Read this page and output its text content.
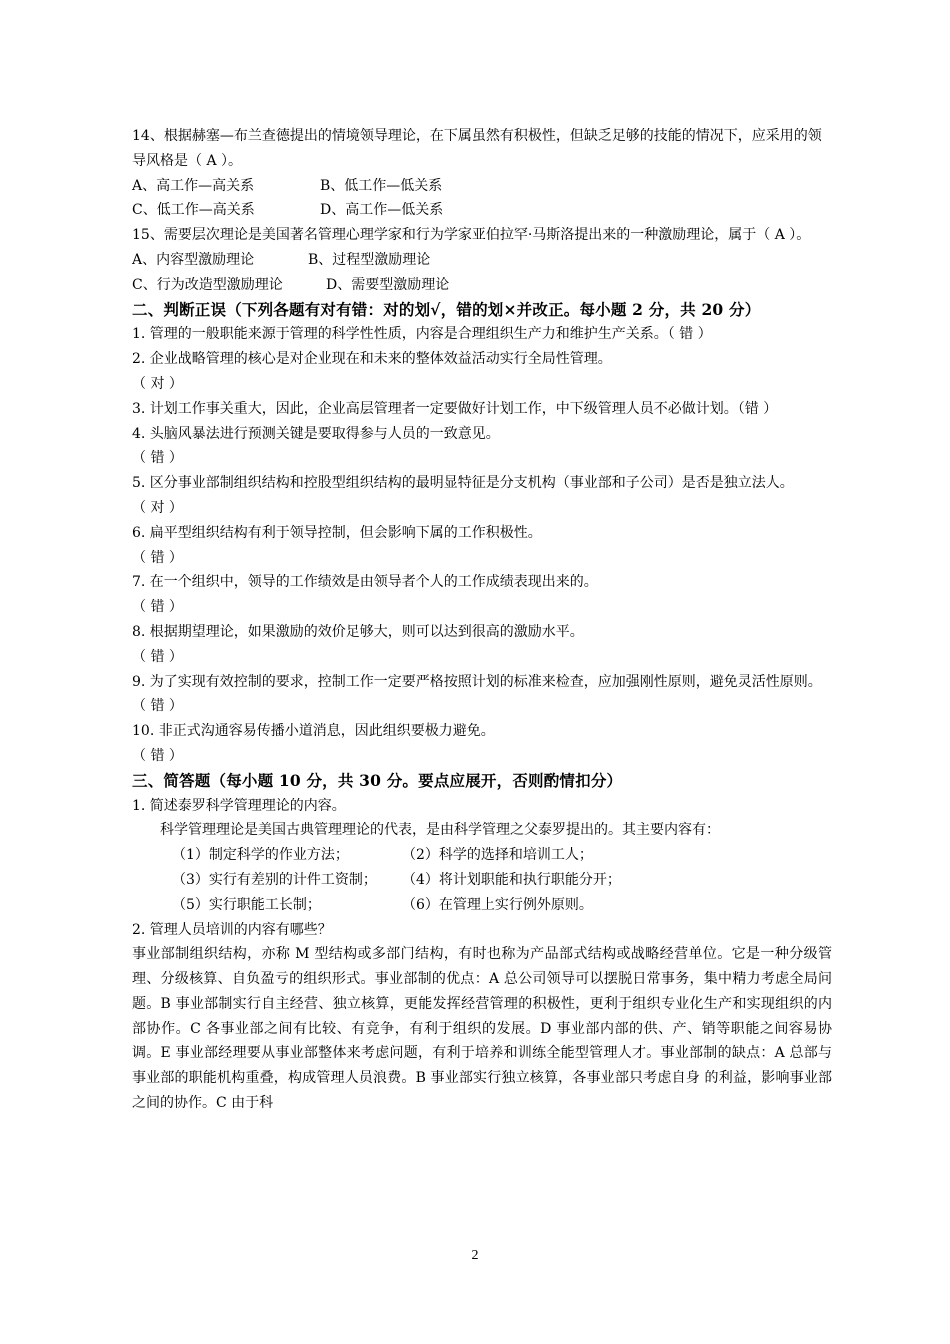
14、根据赫塞—布兰查德提出的情境领导理论，在下属虽然有积极性，但缺乏足够的技能的情况下，应采用的领导风格是（ A ）。
A、高工作—高关系	B、低工作—低关系
C、低工作—高关系	D、高工作—低关系
15、需要层次理论是美国著名管理心理学家和行为学家亚伯拉罕·马斯洛提出来的一种激励理论，属于（ A ）。
A、内容型激励理论	B、过程型激励理论
C、行为改造型激励理论	D、需要型激励理论
二、判断正误（下列各题有对有错：对的划√，错的划×并改正。每小题 2 分，共 20 分）
1. 管理的一般职能来源于管理的科学性性质，内容是合理组织生产力和维护生产关系。（ 错 ）
2. 企业战略管理的核心是对企业现在和未来的整体效益活动实行全局性管理。
（ 对 ）
3. 计划工作事关重大，因此，企业高层管理者一定要做好计划工作，中下级管理人员不必做计划。（错 ）
4. 头脑风暴法进行预测关键是要取得参与人员的一致意见。
（ 错 ）
5. 区分事业部制组织结构和控股型组织结构的最明显特征是分支机构（事业部和子公司）是否是独立法人。
（ 对 ）
6. 扁平型组织结构有利于领导控制，但会影响下属的工作积极性。
（ 错 ）
7. 在一个组织中，领导的工作绩效是由领导者个人的工作成绩表现出来的。
（ 错 ）
8. 根据期望理论，如果激励的效价足够大，则可以达到很高的激励水平。
（ 错 ）
9. 为了实现有效控制的要求，控制工作一定要严格按照计划的标准来检查，应加强刚性原则，避免灵活性原则。
（ 错 ）
10. 非正式沟通容易传播小道消息，因此组织要极力避免。
（ 错 ）
三、简答题（每小题 10 分，共 30 分。要点应展开，否则酌情扣分）
1. 简述泰罗科学管理理论的内容。
科学管理理论是美国古典管理理论的代表，是由科学管理之父泰罗提出的。其主要内容有：
（1）制定科学的作业方法；	（2）科学的选择和培训工人；
（3）实行有差别的计件工资制； （4）将计划职能和执行职能分开；
（5）实行职能工长制；	（6）在管理上实行例外原则。
2. 管理人员培训的内容有哪些？
事业部制组织结构，亦称 M 型结构或多部门结构，有时也称为产品部式结构或战略经营单位。它是一种分级管理、分级核算、自负盈亏的组织形式。事业部制的优点：A 总公司领导可以摆脱日常事务，集中精力考虑全局问题。B 事业部制实行自主经营、独立核算，更能发挥经营管理的积极性，更利于组织专业化生产和实现组织的内部协作。C 各事业部之间有比较、有竞争，有利于组织的发展。D 事业部内部的供、产、销等职能之间容易协调。E 事业部经理要从事业部整体来考虑问题，有利于培养和训练全能型管理人才。事业部制的缺点：A 总部与事业部的职能机构重叠，构成管理人员浪费。B 事业部实行独立核算，各事业部只考虑自身 的利益，影响事业部之间的协作。C 由于科
2
